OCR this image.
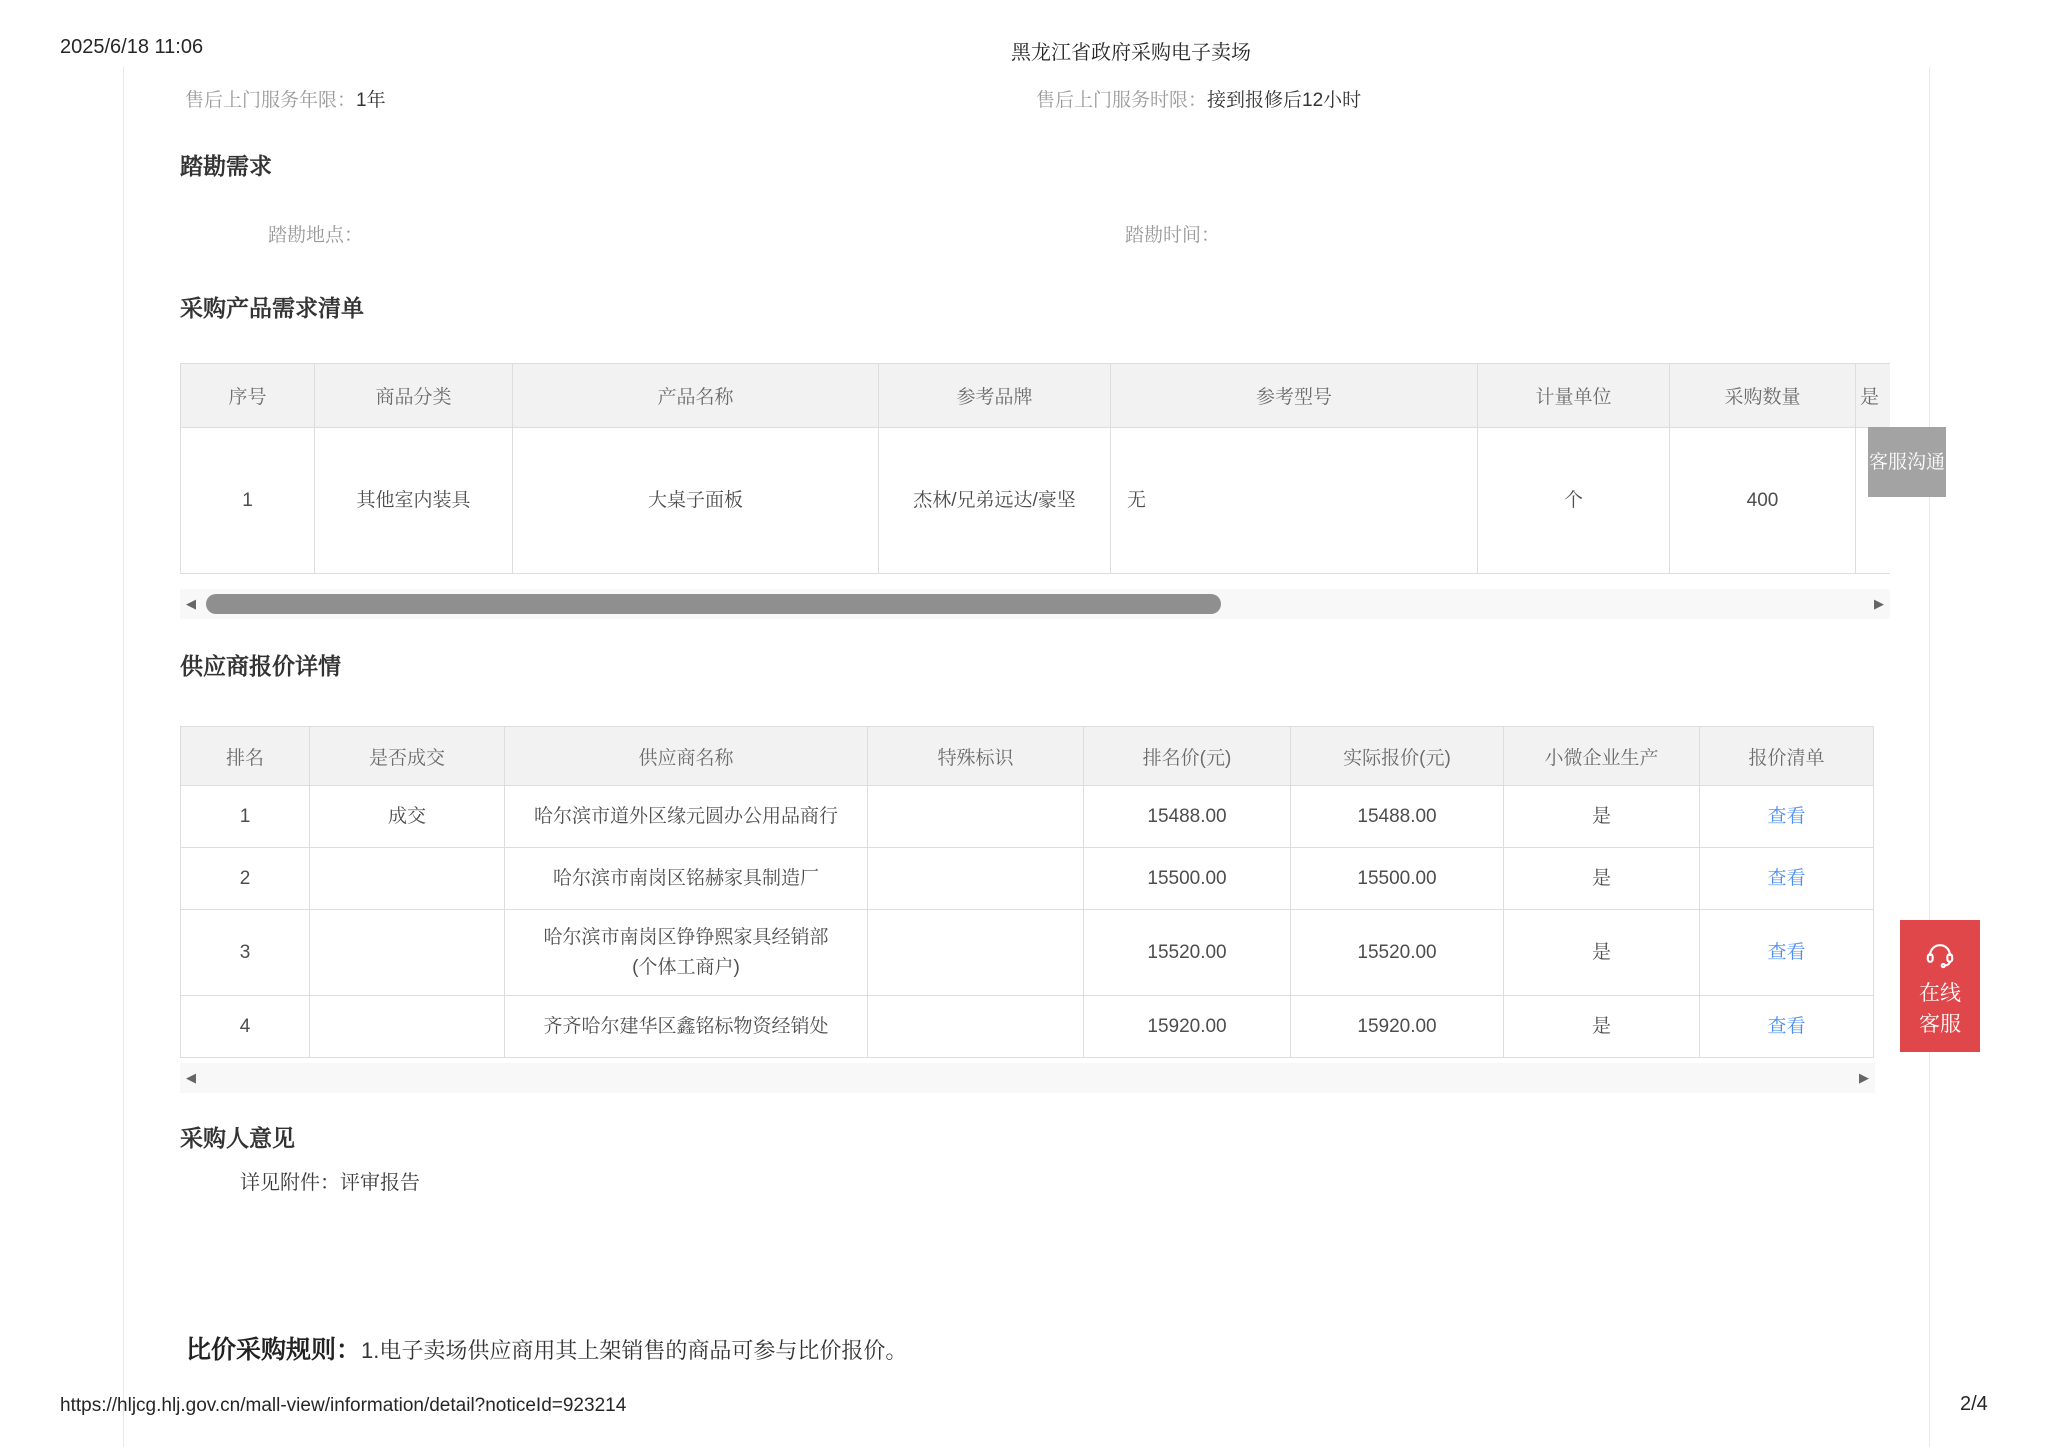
2025/6/18 11:06	黑龙江省政府采购电子卖场
售后上门服务年限：1年	售后上门服务时限：接到报修后12小时
踏勘需求
踏勘地点：	踏勘时间：
采购产品需求清单
序号	商品分类	产品名称	参考品牌	参考型号	计量单位	采购数量	是
1	其他室内装具	大桌子面板	杰林/兄弟远达/豪坚	无	个	400	
◀	▶
供应商报价详情
排名	是否成交	供应商名称	特殊标识	排名价(元)	实际报价(元)	小微企业生产	报价清单
1	成交	哈尔滨市道外区缘元圆办公用品商行		15488.00	15488.00	是	查看
2		哈尔滨市南岗区铭赫家具制造厂		15500.00	15500.00	是	查看
3		哈尔滨市南岗区铮铮熙家具经销部
(个体工商户)		15520.00	15520.00	是	查看
4		齐齐哈尔建华区鑫铭标物资经销处		15920.00	15920.00	是	查看
◀	▶
采购人意见
详见附件：评审报告
比价采购规则：1.电子卖场供应商用其上架销售的商品可参与比价报价。
客服沟通
在线
客服
https://hljcg.hlj.gov.cn/mall-view/information/detail?noticeId=923214	2/4
